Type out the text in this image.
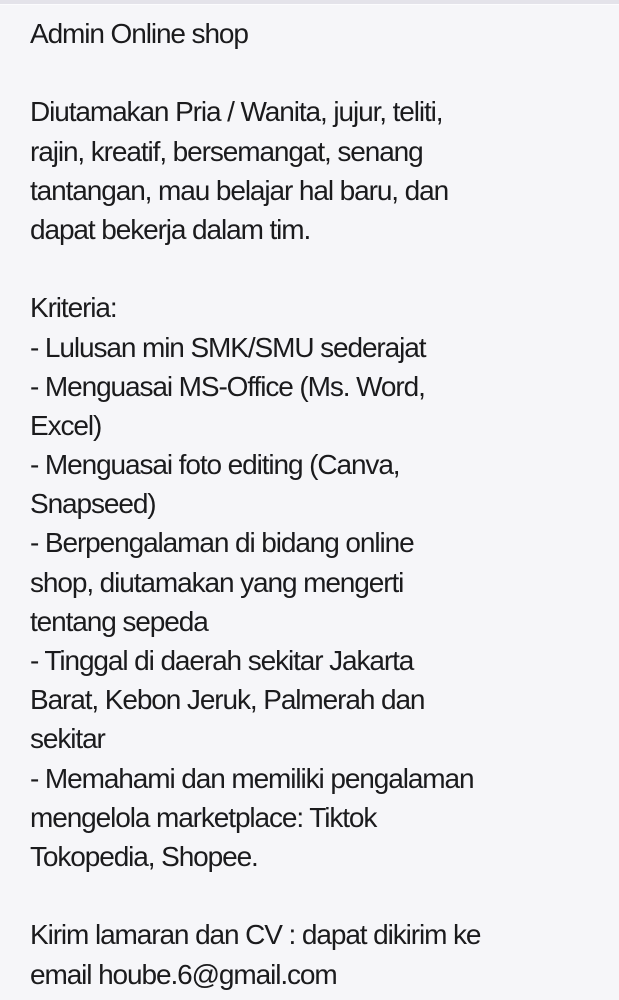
Admin Online shop
Diutamakan Pria / Wanita, jujur, teliti,
rajin, kreatif, bersemangat, senang
tantangan, mau belajar hal baru, dan
dapat bekerja dalam tim.
Kriteria:
- Lulusan min SMK/SMU sederajat
- Menguasai MS-Office (Ms. Word,
Excel)
- Menguasai foto editing (Canva,
Snapseed)
- Berpengalaman di bidang online
shop, diutamakan yang mengerti
tentang sepeda
- Tinggal di daerah sekitar Jakarta
Barat, Kebon Jeruk, Palmerah dan
sekitar
- Memahami dan memiliki pengalaman
mengelola marketplace: Tiktok
Tokopedia, Shopee.
Kirim lamaran dan CV : dapat dikirim ke
email hoube.6@gmail.com
